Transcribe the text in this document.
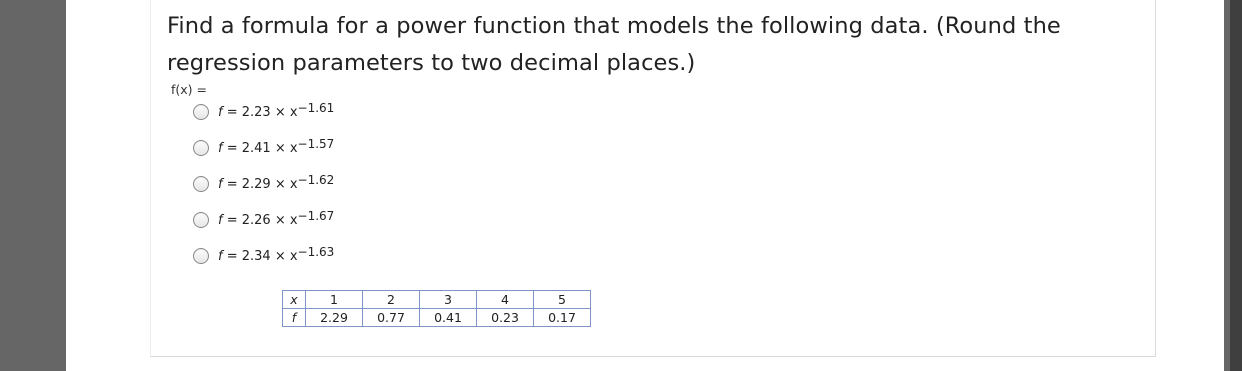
Find a formula for a power function that models the following data. (Round the regression parameters to two decimal places.)
f(x) =
$f = 2.23 \times x^{-1.61}$
$f = 2.41 \times x^{-1.57}$
$f = 2.29 \times x^{-1.62}$
$f = 2.26 \times x^{-1.67}$
$f = 2.34 \times x^{-1.63}$
x	1	2	3	4	5
f	2.29	0.77	0.41	0.23	0.17
